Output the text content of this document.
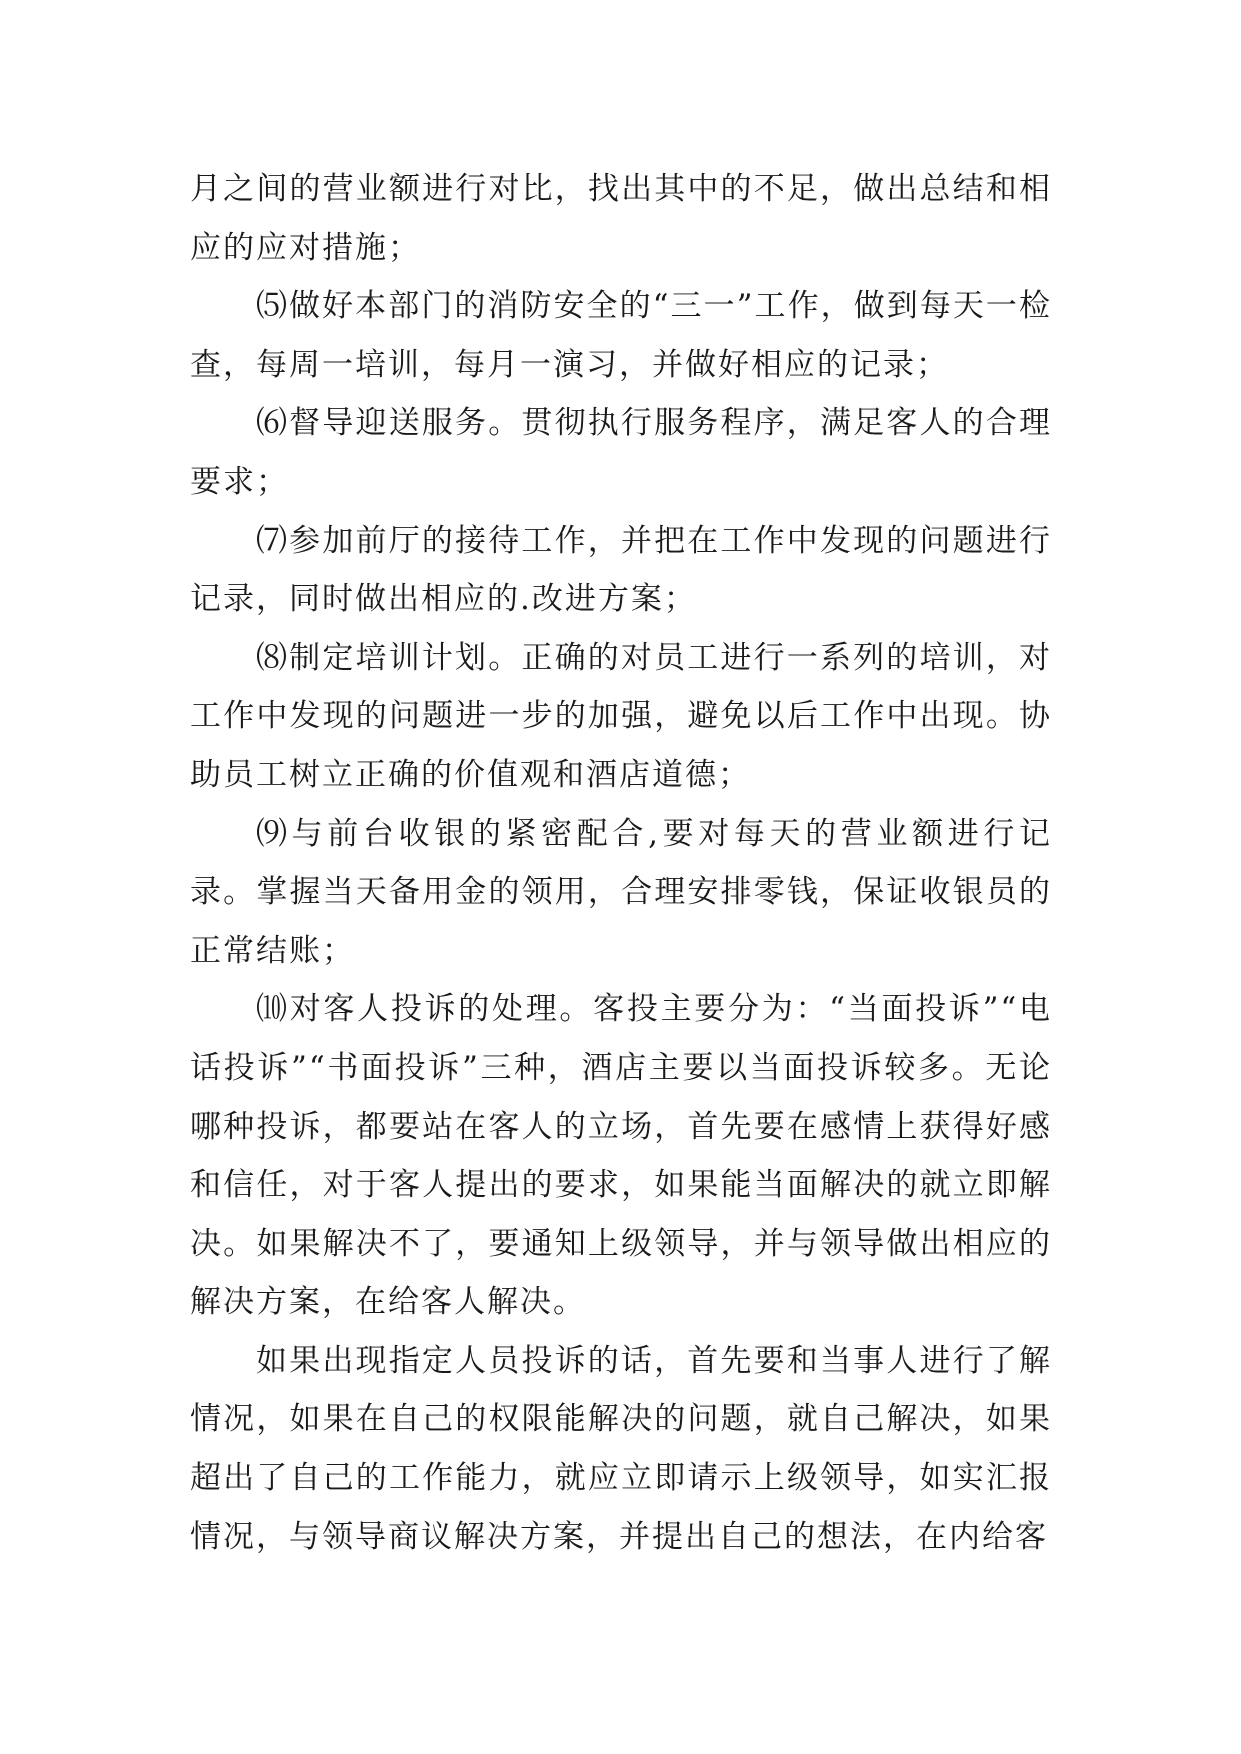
月之间的营业额进行对比，找出其中的不足，做出总结和相应的应对措施；

⑸做好本部门的消防安全的“三一”工作，做到每天一检查，每周一培训，每月一演习，并做好相应的记录；

⑹督导迎送服务。贯彻执行服务程序，满足客人的合理要求；

⑺参加前厅的接待工作，并把在工作中发现的问题进行记录，同时做出相应的.改进方案；

⑻制定培训计划。正确的对员工进行一系列的培训，对工作中发现的问题进一步的加强，避免以后工作中出现。协助员工树立正确的价值观和酒店道德；

⑼与前台收银的紧密配合,要对每天的营业额进行记录。掌握当天备用金的领用，合理安排零钱，保证收银员的正常结账；

⑽对客人投诉的处理。客投主要分为：“当面投诉”“电话投诉”“书面投诉”三种，酒店主要以当面投诉较多。无论哪种投诉，都要站在客人的立场，首先要在感情上获得好感和信任，对于客人提出的要求，如果能当面解决的就立即解决。如果解决不了，要通知上级领导，并与领导做出相应的解决方案，在给客人解决。

如果出现指定人员投诉的话，首先要和当事人进行了解情况，如果在自己的权限能解决的问题，就自己解决，如果超出了自己的工作能力，就应立即请示上级领导，如实汇报情况，与领导商议解决方案，并提出自己的想法，在内给客
